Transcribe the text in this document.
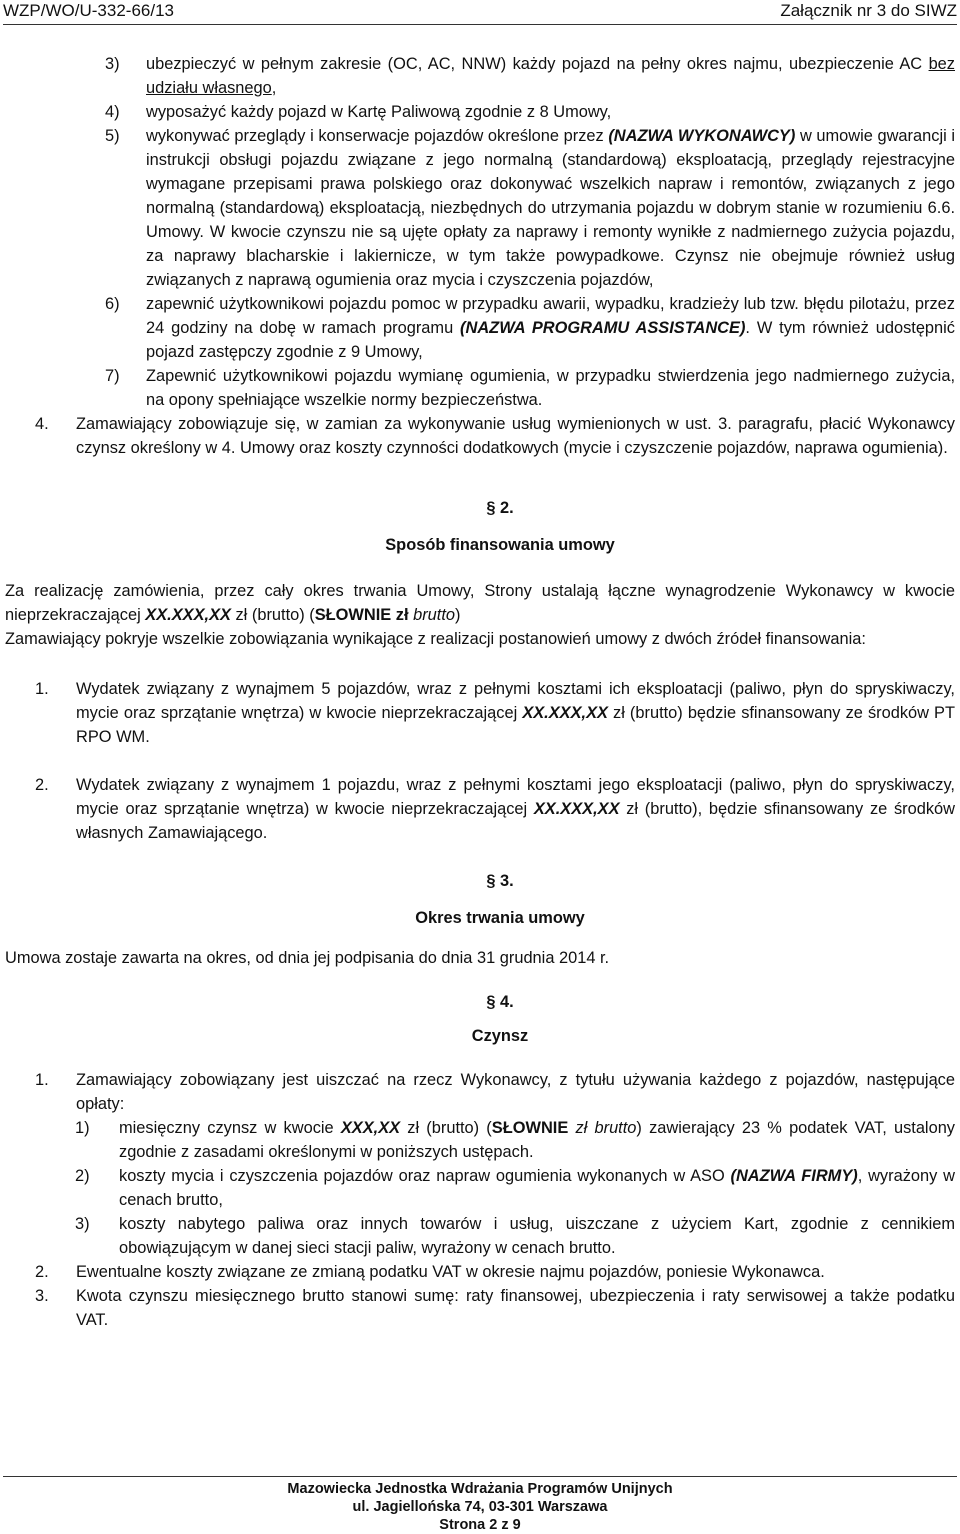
WZP/WO/U-332-66/13	Załącznik nr 3 do SIWZ
3)	ubezpieczyć w pełnym zakresie (OC, AC, NNW) każdy pojazd na pełny okres najmu, ubezpieczenie AC bez udziału własnego,
4)	wyposażyć każdy pojazd w Kartę Paliwową zgodnie z 8 Umowy,
5)	wykonywać przeglądy i konserwacje pojazdów określone przez (NAZWA WYKONAWCY) w umowie gwarancji i instrukcji obsługi pojazdu związane z jego normalną (standardową) eksploatacją, przeglądy rejestracyjne wymagane przepisami prawa polskiego oraz dokonywać wszelkich napraw i remontów, związanych z jego normalną (standardową) eksploatacją, niezbędnych do utrzymania pojazdu w dobrym stanie w rozumieniu 6.6. Umowy. W kwocie czynszu nie są ujęte opłaty za naprawy i remonty wynikłe z nadmiernego zużycia pojazdu, za naprawy blacharskie i lakiernicze, w tym także powypadkowe. Czynsz nie obejmuje również usług związanych z naprawą ogumienia oraz mycia i czyszczenia pojazdów,
6)	zapewnić użytkownikowi pojazdu pomoc w przypadku awarii, wypadku, kradzieży lub tzw. błędu pilotażu, przez 24 godziny na dobę w ramach programu (NAZWA PROGRAMU ASSISTANCE). W tym również udostępnić pojazd zastępczy zgodnie z 9 Umowy,
7)	Zapewnić użytkownikowi pojazdu wymianę ogumienia, w przypadku stwierdzenia jego nadmiernego zużycia, na opony spełniające wszelkie normy bezpieczeństwa.
4.	Zamawiający zobowiązuje się, w zamian za wykonywanie usług wymienionych w ust. 3. paragrafu, płacić Wykonawcy czynsz określony w 4. Umowy oraz koszty czynności dodatkowych (mycie i czyszczenie pojazdów, naprawa ogumienia).

§ 2.

Sposób finansowania umowy

Za realizację zamówienia, przez cały okres trwania Umowy, Strony ustalają łączne wynagrodzenie Wykonawcy w kwocie nieprzekraczającej XX.XXX,XX zł (brutto) (SŁOWNIE zł brutto)

Zamawiający pokryje wszelkie zobowiązania wynikające z realizacji postanowień umowy z dwóch źródeł finansowania:

1.	Wydatek związany z wynajmem 5 pojazdów, wraz z pełnymi kosztami ich eksploatacji (paliwo, płyn do spryskiwaczy, mycie oraz sprzątanie wnętrza) w kwocie nieprzekraczającej XX.XXX,XX zł (brutto) będzie sfinansowany ze środków PT RPO WM.
2.	Wydatek związany z wynajmem 1 pojazdu, wraz z pełnymi kosztami jego eksploatacji (paliwo, płyn do spryskiwaczy, mycie oraz sprzątanie wnętrza) w kwocie nieprzekraczającej XX.XXX,XX zł (brutto), będzie sfinansowany ze środków własnych Zamawiającego.

§ 3.

Okres trwania umowy

Umowa zostaje zawarta na okres, od dnia jej podpisania do dnia 31 grudnia 2014 r.

§ 4.

Czynsz

1.	Zamawiający zobowiązany jest uiszczać na rzecz Wykonawcy, z tytułu używania każdego z pojazdów, następujące opłaty:
1)	miesięczny czynsz w kwocie XXX,XX zł (brutto) (SŁOWNIE zł brutto) zawierający 23 % podatek VAT, ustalony zgodnie z zasadami określonymi w poniższych ustępach.
2)	koszty mycia i czyszczenia pojazdów oraz napraw ogumienia wykonanych w ASO (NAZWA FIRMY), wyrażony w cenach brutto,
3)	koszty nabytego paliwa oraz innych towarów i usług, uiszczane z użyciem Kart, zgodnie z cennikiem obowiązującym w danej sieci stacji paliw, wyrażony w cenach brutto.
2.	Ewentualne koszty związane ze zmianą podatku VAT w okresie najmu pojazdów, poniesie Wykonawca.
3.	Kwota czynszu miesięcznego brutto stanowi sumę: raty finansowej, ubezpieczenia i raty serwisowej a także podatku VAT.
Mazowiecka Jednostka Wdrażania Programów Unijnych
ul. Jagiellońska 74, 03-301 Warszawa
Strona 2 z 9
